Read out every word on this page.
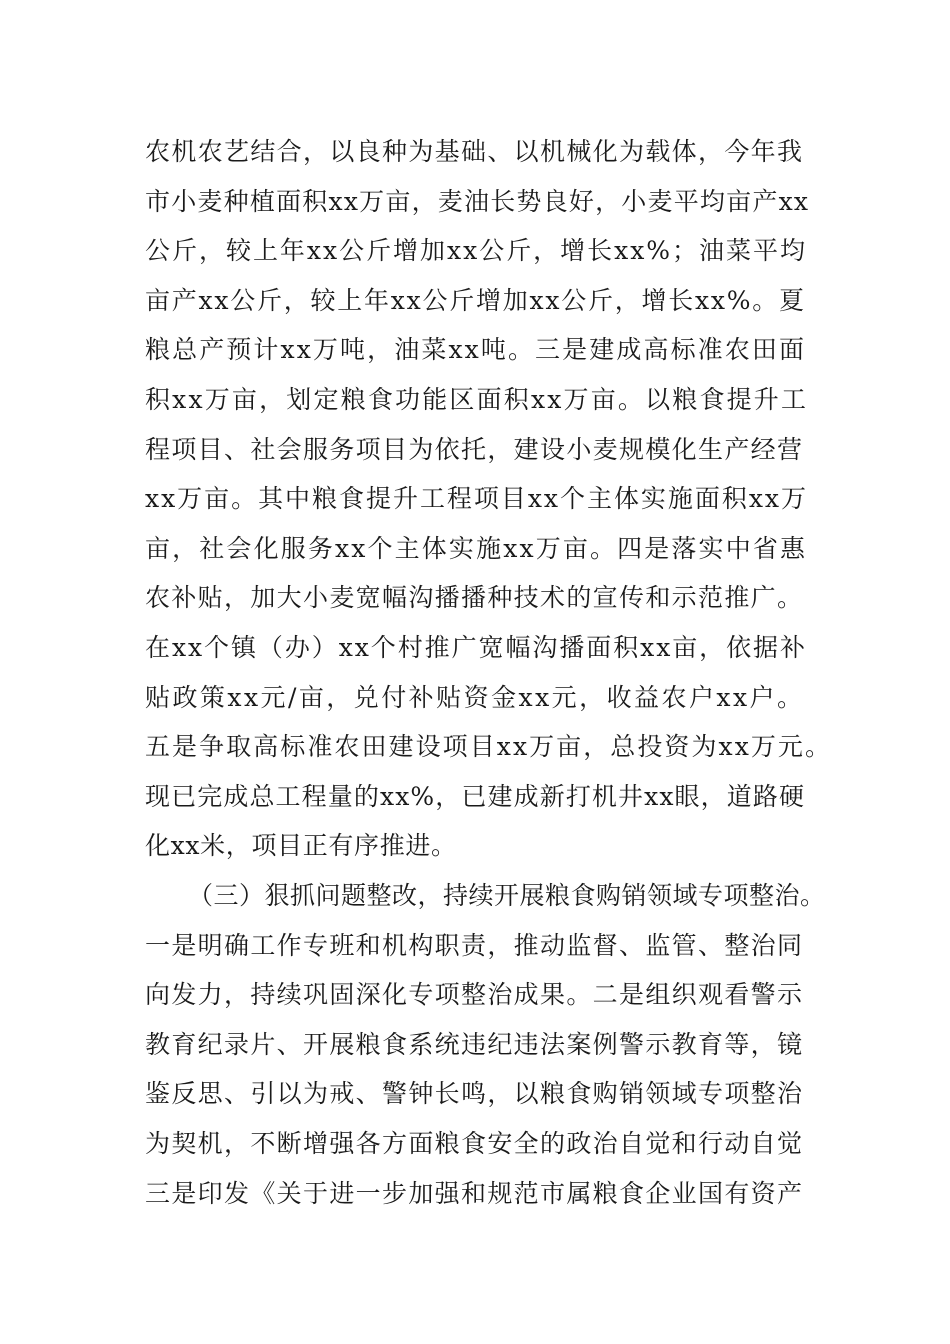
农机农艺结合，以良种为基础、以机械化为载体，今年我
市小麦种植面积xx万亩，麦油长势良好，小麦平均亩产xx
公斤，较上年xx公斤增加xx公斤，增长xx%；油菜平均
亩产xx公斤，较上年xx公斤增加xx公斤，增长xx%。夏
粮总产预计xx万吨，油菜xx吨。三是建成高标准农田面
积xx万亩，划定粮食功能区面积xx万亩。以粮食提升工
程项目、社会服务项目为依托，建设小麦规模化生产经营
xx万亩。其中粮食提升工程项目xx个主体实施面积xx万
亩，社会化服务xx个主体实施xx万亩。四是落实中省惠
农补贴，加大小麦宽幅沟播播种技术的宣传和示范推广。
在xx个镇（办）xx个村推广宽幅沟播面积xx亩，依据补
贴政策xx元/亩，兑付补贴资金xx元，收益农户xx户。
五是争取高标准农田建设项目xx万亩，总投资为xx万元。
现已完成总工程量的xx%，已建成新打机井xx眼，道路硬
化xx米，项目正有序推进。
（三）狠抓问题整改，持续开展粮食购销领域专项整治。
一是明确工作专班和机构职责，推动监督、监管、整治同
向发力，持续巩固深化专项整治成果。二是组织观看警示
教育纪录片、开展粮食系统违纪违法案例警示教育等，镜
鉴反思、引以为戒、警钟长鸣，以粮食购销领域专项整治
为契机，不断增强各方面粮食安全的政治自觉和行动自觉
三是印发《关于进一步加强和规范市属粮食企业国有资产
